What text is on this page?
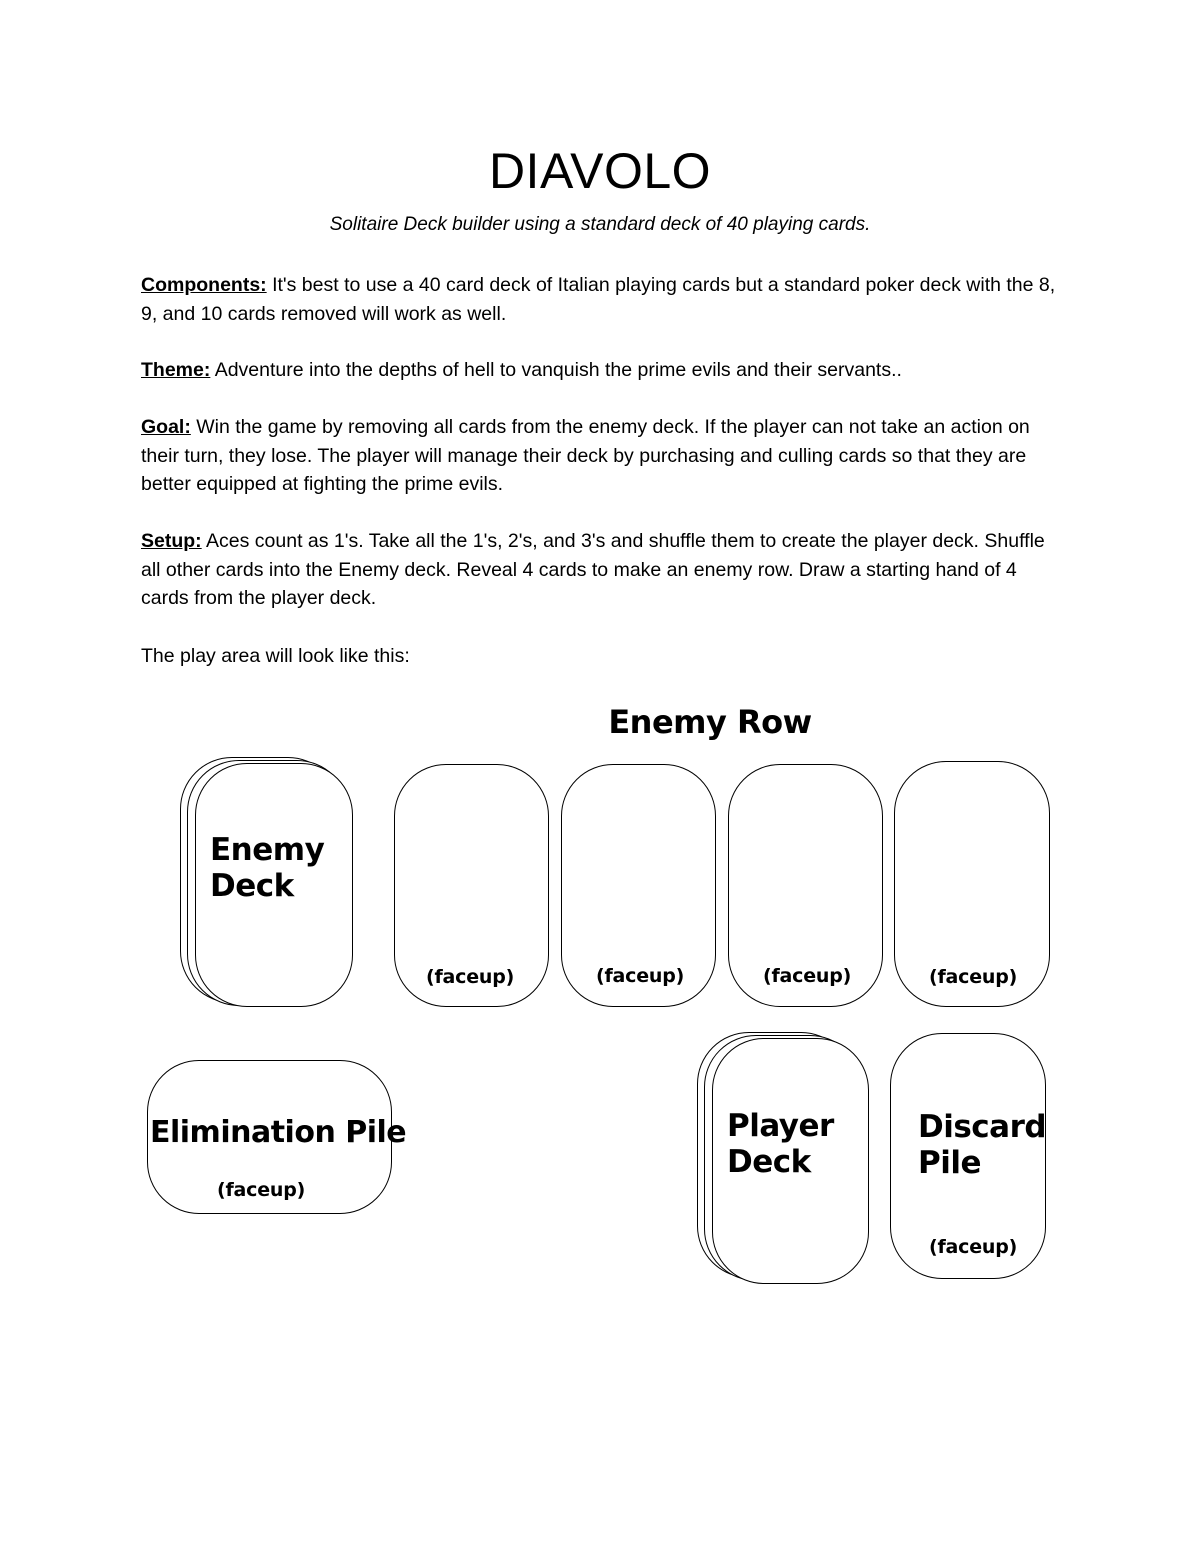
DIAVOLO

Solitaire Deck builder using a standard deck of 40 playing cards.

Components: It's best to use a 40 card deck of Italian playing cards but a standard poker deck with the 8, 9, and 10 cards removed will work as well.

Theme: Adventure into the depths of hell to vanquish the prime evils and their servants..

Goal: Win the game by removing all cards from the enemy deck. If the player can not take an action on their turn, they lose. The player will manage their deck by purchasing and culling cards so that they are better equipped at fighting the prime evils.

Setup: Aces count as 1's. Take all the 1's, 2's, and 3's and shuffle them to create the player deck. Shuffle all other cards into the Enemy deck. Reveal 4 cards to make an enemy row. Draw a starting hand of 4 cards from the player deck.

The play area will look like this:

Enemy Row
Enemy
Deck
(faceup)	(faceup)	(faceup)	(faceup)
Elimination Pile
(faceup)
Player
Deck
Discard
Pile
(faceup)
